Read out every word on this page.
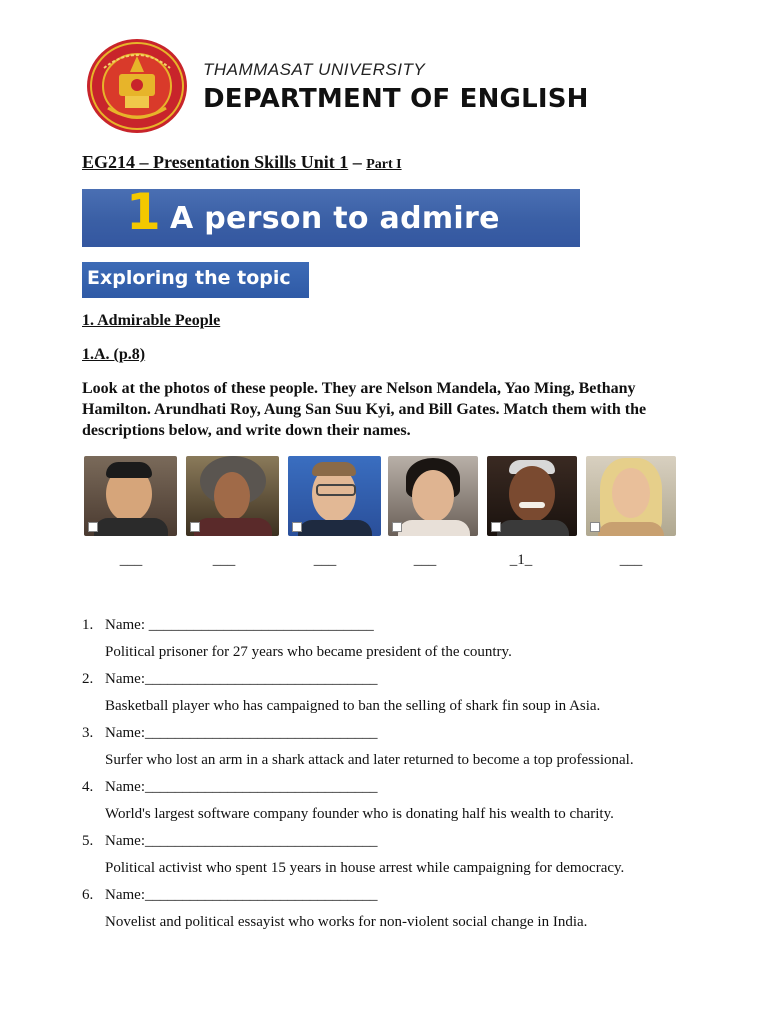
THAMMASAT UNIVERSITY
DEPARTMENT OF ENGLISH
EG214 – Presentation Skills Unit 1 – Part I
1 A person to admire
Exploring the topic
1. Admirable People
1.A. (p.8)
Look at the photos of these people. They are Nelson Mandela, Yao Ming, Bethany Hamilton. Arundhati Roy, Aung San Suu Kyi, and Bill Gates. Match them with the descriptions below, and write down their names.
___	___	___	___	_1_	___
1. Name: ______________________________
Political prisoner for 27 years who became president of the country.
2. Name:_______________________________
Basketball player who has campaigned to ban the selling of shark fin soup in Asia.
3. Name:_______________________________
Surfer who lost an arm in a shark attack and later returned to become a top professional.
4. Name:_______________________________
World's largest software company founder who is donating half his wealth to charity.
5. Name:_______________________________
Political activist who spent 15 years in house arrest while campaigning for democracy.
6. Name:_______________________________
Novelist and political essayist who works for non-violent social change in India.
